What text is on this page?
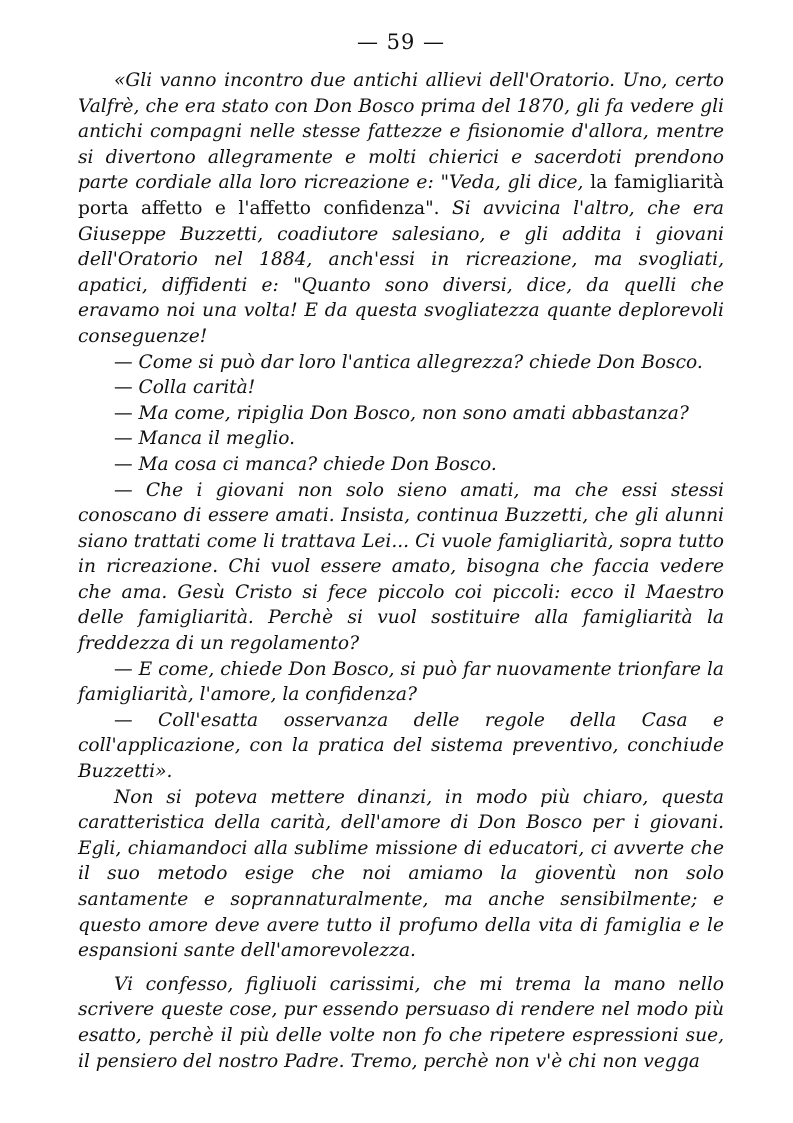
— 59 —

«Gli vanno incontro due antichi allievi dell'Oratorio. Uno, certo Valfrè, che era stato con Don Bosco prima del 1870, gli fa vedere gli antichi compagni nelle stesse fattezze e fisionomie d'allora, mentre si divertono allegramente e molti chierici e sacerdoti prendono parte cordiale alla loro ricreazione e: "Veda, gli dice, la famigliarità porta affetto e l'affetto confidenza". Si avvicina l'altro, che era Giuseppe Buzzetti, coadiutore salesiano, e gli addita i giovani dell'Oratorio nel 1884, anch'essi in ricreazione, ma svogliati, apatici, diffidenti e: "Quanto sono diversi, dice, da quelli che eravamo noi una volta! E da questa svogliatezza quante deplorevoli conseguenze!

— Come si può dar loro l'antica allegrezza? chiede Don Bosco.

— Colla carità!

— Ma come, ripiglia Don Bosco, non sono amati abbastanza?

— Manca il meglio.

— Ma cosa ci manca? chiede Don Bosco.

— Che i giovani non solo sieno amati, ma che essi stessi conoscano di essere amati. Insista, continua Buzzetti, che gli alunni siano trattati come li trattava Lei... Ci vuole famigliarità, sopra tutto in ricreazione. Chi vuol essere amato, bisogna che faccia vedere che ama. Gesù Cristo si fece piccolo coi piccoli: ecco il Maestro delle famigliarità. Perchè si vuol sostituire alla famigliarità la freddezza di un regolamento?

— E come, chiede Don Bosco, si può far nuovamente trionfare la famigliarità, l'amore, la confidenza?

— Coll'esatta osservanza delle regole della Casa e coll'applicazione, con la pratica del sistema preventivo, conchiude Buzzetti».

Non si poteva mettere dinanzi, in modo più chiaro, questa caratteristica della carità, dell'amore di Don Bosco per i giovani. Egli, chiamandoci alla sublime missione di educatori, ci avverte che il suo metodo esige che noi amiamo la gioventù non solo santamente e soprannaturalmente, ma anche sensibilmente; e questo amore deve avere tutto il profumo della vita di famiglia e le espansioni sante dell'amorevolezza.

Vi confesso, figliuoli carissimi, che mi trema la mano nello scrivere queste cose, pur essendo persuaso di rendere nel modo più esatto, perchè il più delle volte non fo che ripetere espressioni sue, il pensiero del nostro Padre. Tremo, perchè non v'è chi non vegga
